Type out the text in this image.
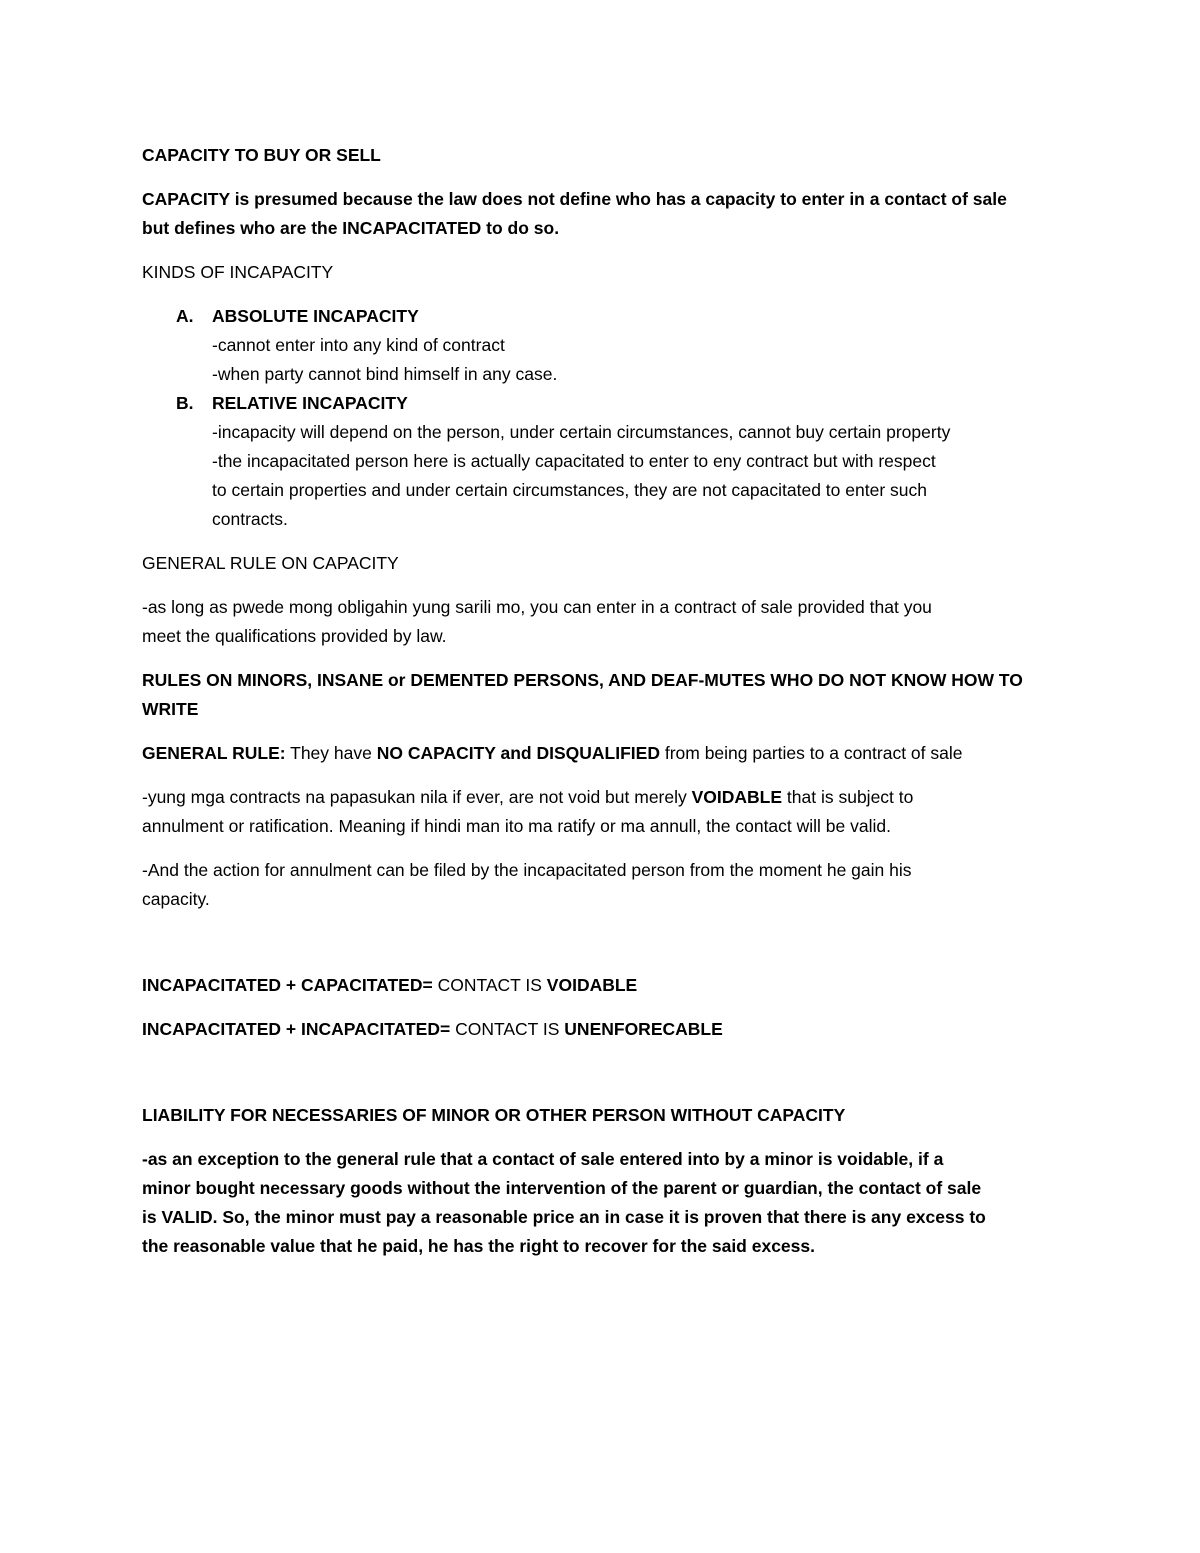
CAPACITY TO BUY OR SELL

CAPACITY is presumed because the law does not define who has a capacity to enter in a contact of sale
but defines who are the INCAPACITATED to do so.

KINDS OF INCAPACITY

A. ABSOLUTE INCAPACITY
-cannot enter into any kind of contract
-when party cannot bind himself in any case.
B. RELATIVE INCAPACITY
-incapacity will depend on the person, under certain circumstances, cannot buy certain property
-the incapacitated person here is actually capacitated to enter to eny contract but with respect
to certain properties and under certain circumstances, they are not capacitated to enter such
contracts.

GENERAL RULE ON CAPACITY

-as long as pwede mong obligahin yung sarili mo, you can enter in a contract of sale provided that you
meet the qualifications provided by law.

RULES ON MINORS, INSANE or DEMENTED PERSONS, AND DEAF-MUTES WHO DO NOT KNOW HOW TO
WRITE

GENERAL RULE: They have NO CAPACITY and DISQUALIFIED from being parties to a contract of sale

-yung mga contracts na papasukan nila if ever, are not void but merely VOIDABLE that is subject to
annulment or ratification. Meaning if hindi man ito ma ratify or ma annull, the contact will be valid.

-And the action for annulment can be filed by the incapacitated person from the moment he gain his
capacity.

INCAPACITATED + CAPACITATED= CONTACT IS VOIDABLE

INCAPACITATED + INCAPACITATED= CONTACT IS UNENFORECABLE

LIABILITY FOR NECESSARIES OF MINOR OR OTHER PERSON WITHOUT CAPACITY

-as an exception to the general rule that a contact of sale entered into by a minor is voidable, if a
minor bought necessary goods without the intervention of the parent or guardian, the contact of sale
is VALID. So, the minor must pay a reasonable price an in case it is proven that there is any excess to
the reasonable value that he paid, he has the right to recover for the said excess.
